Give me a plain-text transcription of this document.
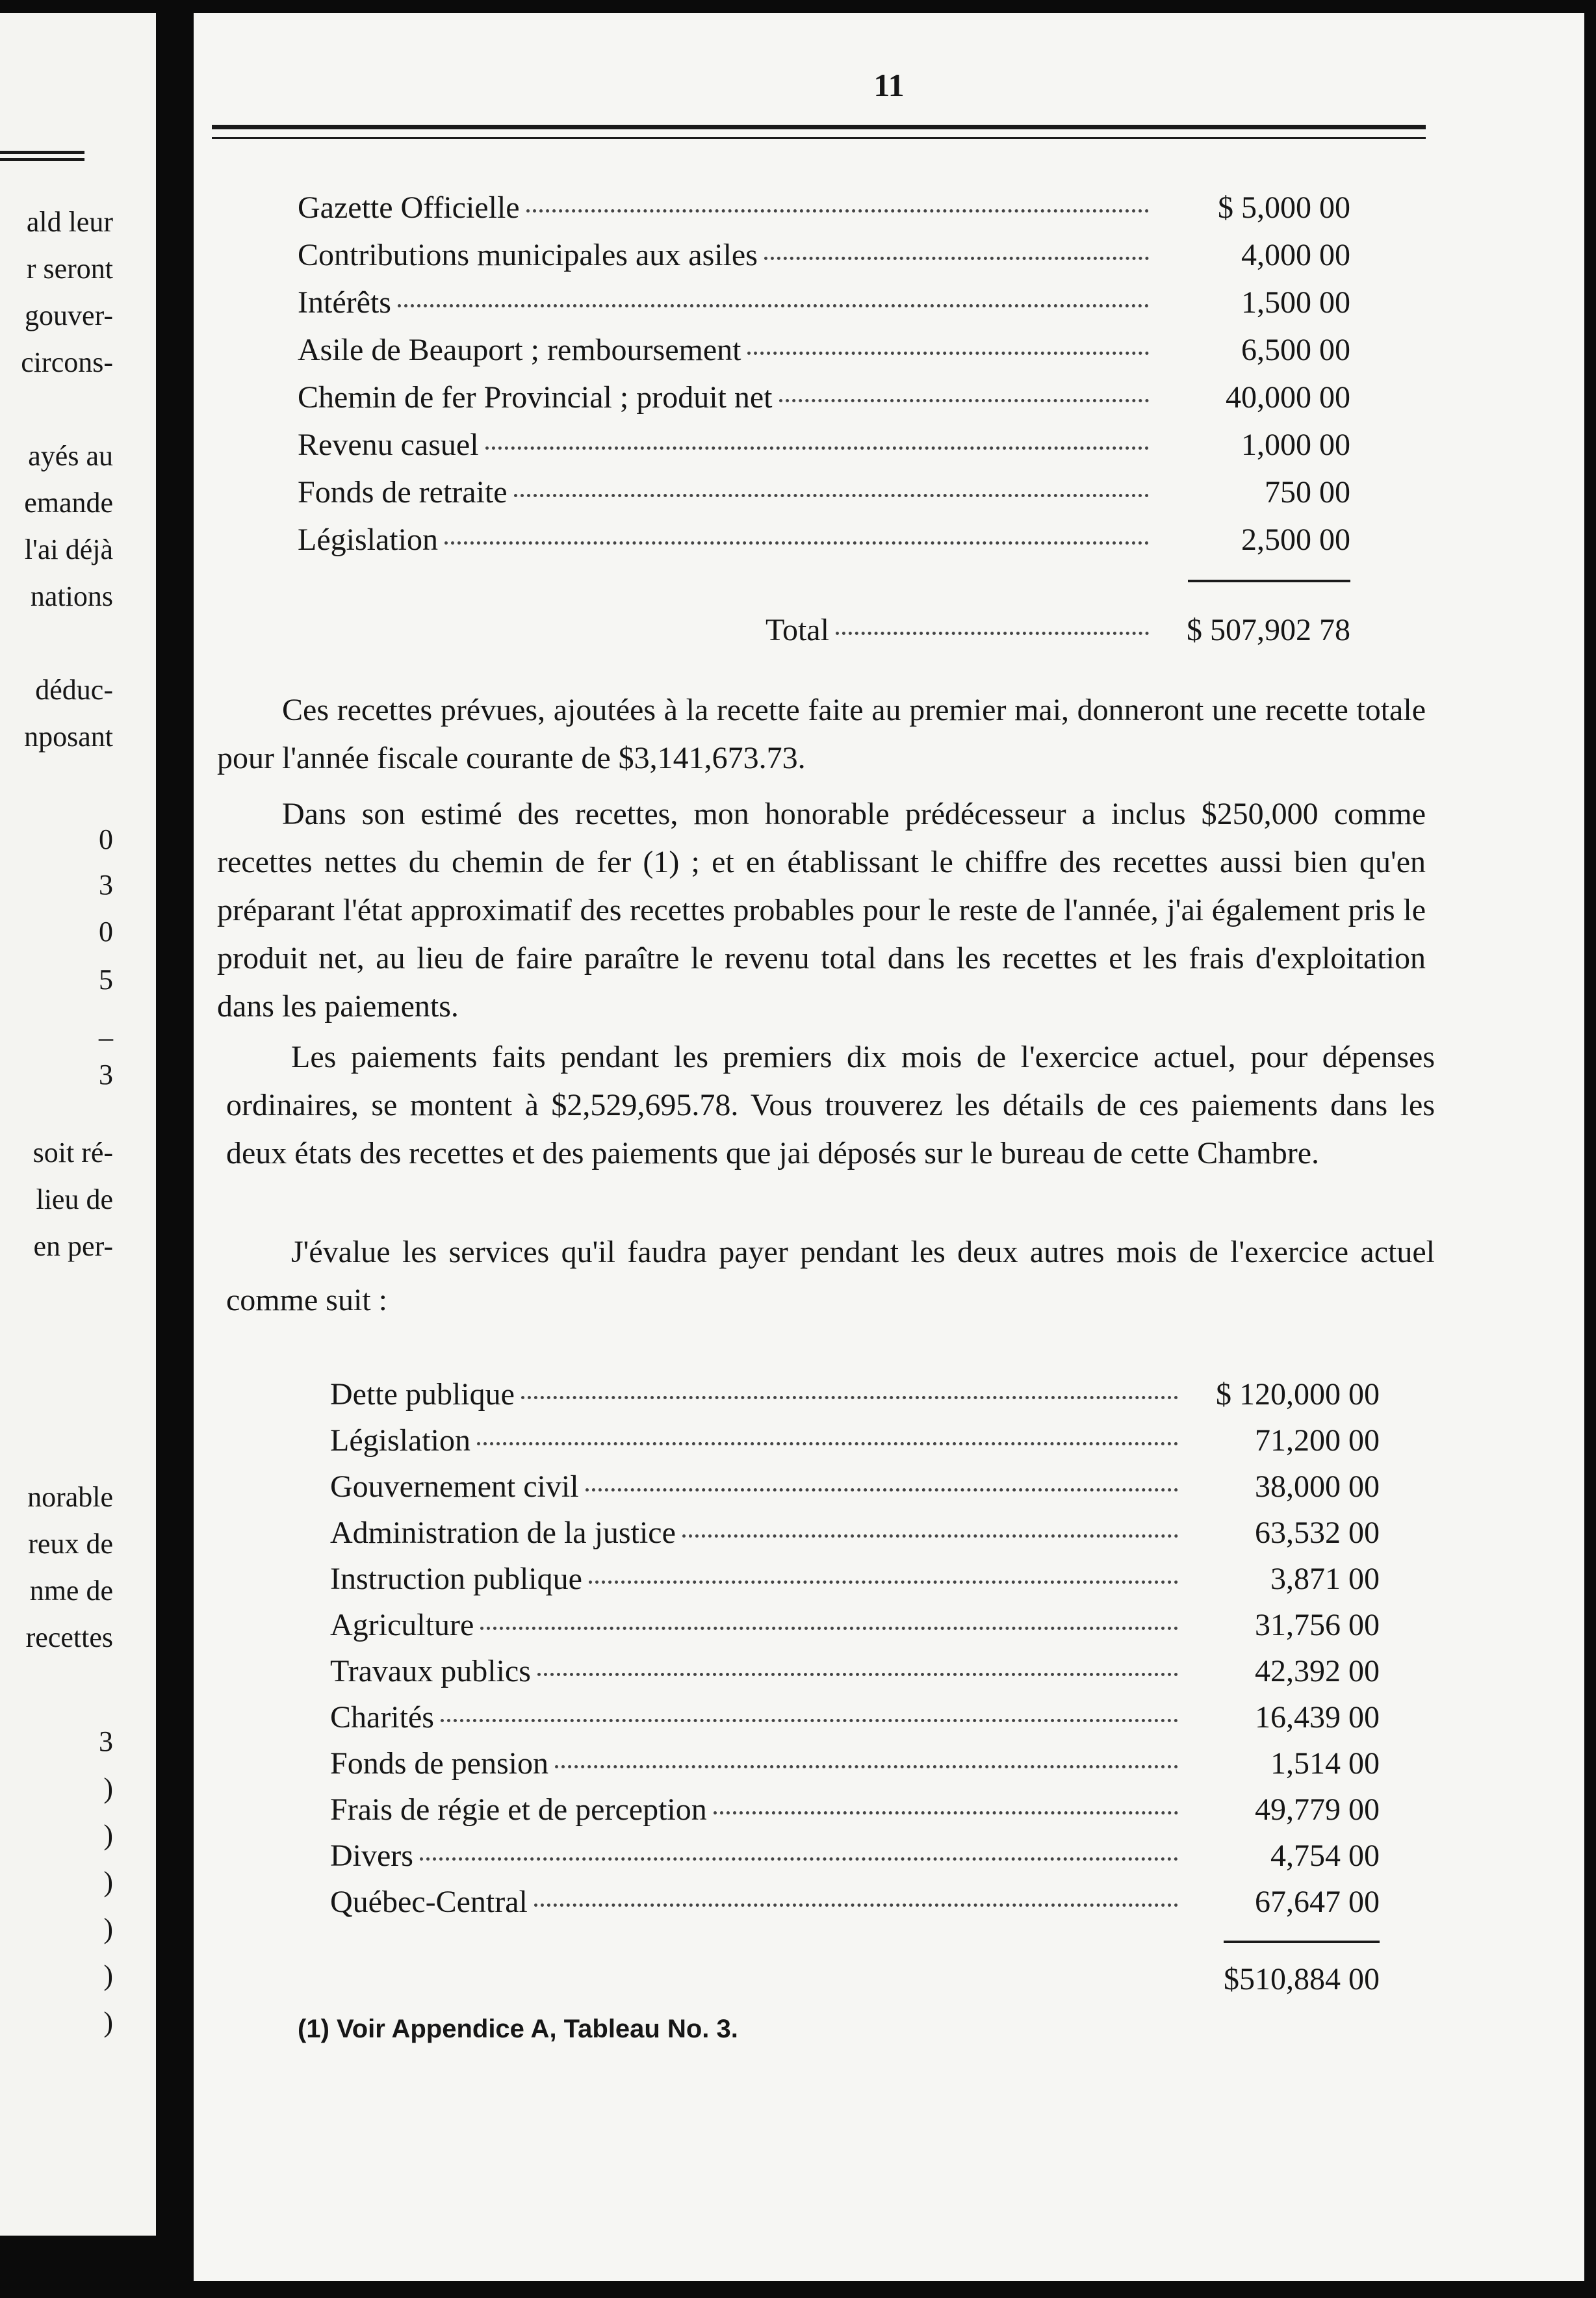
ald leur
r seront
gouver-
circons-
ayés au
emande
l'ai déjà
nations
déduc-
nposant
0
3
0
5
_
3
soit ré-
lieu de
en per-
norable
reux de
nme de
recettes
3
)
)
)
)
)
)
11
Gazette Officielle	$ 5,000 00
Contributions municipales aux asiles	4,000 00
Intérêts	1,500 00
Asile de Beauport ; remboursement	6,500 00
Chemin de fer Provincial ; produit net	40,000 00
Revenu casuel	1,000 00
Fonds de retraite	750 00
Législation	2,500 00
Total	$ 507,902 78
Ces recettes prévues, ajoutées à la recette faite au premier mai, donneront une recette totale pour l'année fiscale courante de $3,141,673.73.
Dans son estimé des recettes, mon honorable prédécesseur a inclus $250,000 comme recettes nettes du chemin de fer (1) ; et en établissant le chiffre des recettes aussi bien qu'en préparant l'état approximatif des recettes probables pour le reste de l'année, j'ai également pris le produit net, au lieu de faire paraître le revenu total dans les recettes et les frais d'exploitation dans les paiements.
Les paiements faits pendant les premiers dix mois de l'exercice actuel, pour dépenses ordinaires, se montent à $2,529,695.78. Vous trouverez les détails de ces paiements dans les deux états des recettes et des paiements que jai déposés sur le bureau de cette Chambre.
J'évalue les services qu'il faudra payer pendant les deux autres mois de l'exercice actuel comme suit :
Dette publique	$ 120,000 00
Législation	71,200 00
Gouvernement civil	38,000 00
Administration de la justice	63,532 00
Instruction publique	3,871 00
Agriculture	31,756 00
Travaux publics	42,392 00
Charités	16,439 00
Fonds de pension	1,514 00
Frais de régie et de perception	49,779 00
Divers	4,754 00
Québec-Central	67,647 00
$510,884 00
(1) Voir Appendice A, Tableau No. 3.
